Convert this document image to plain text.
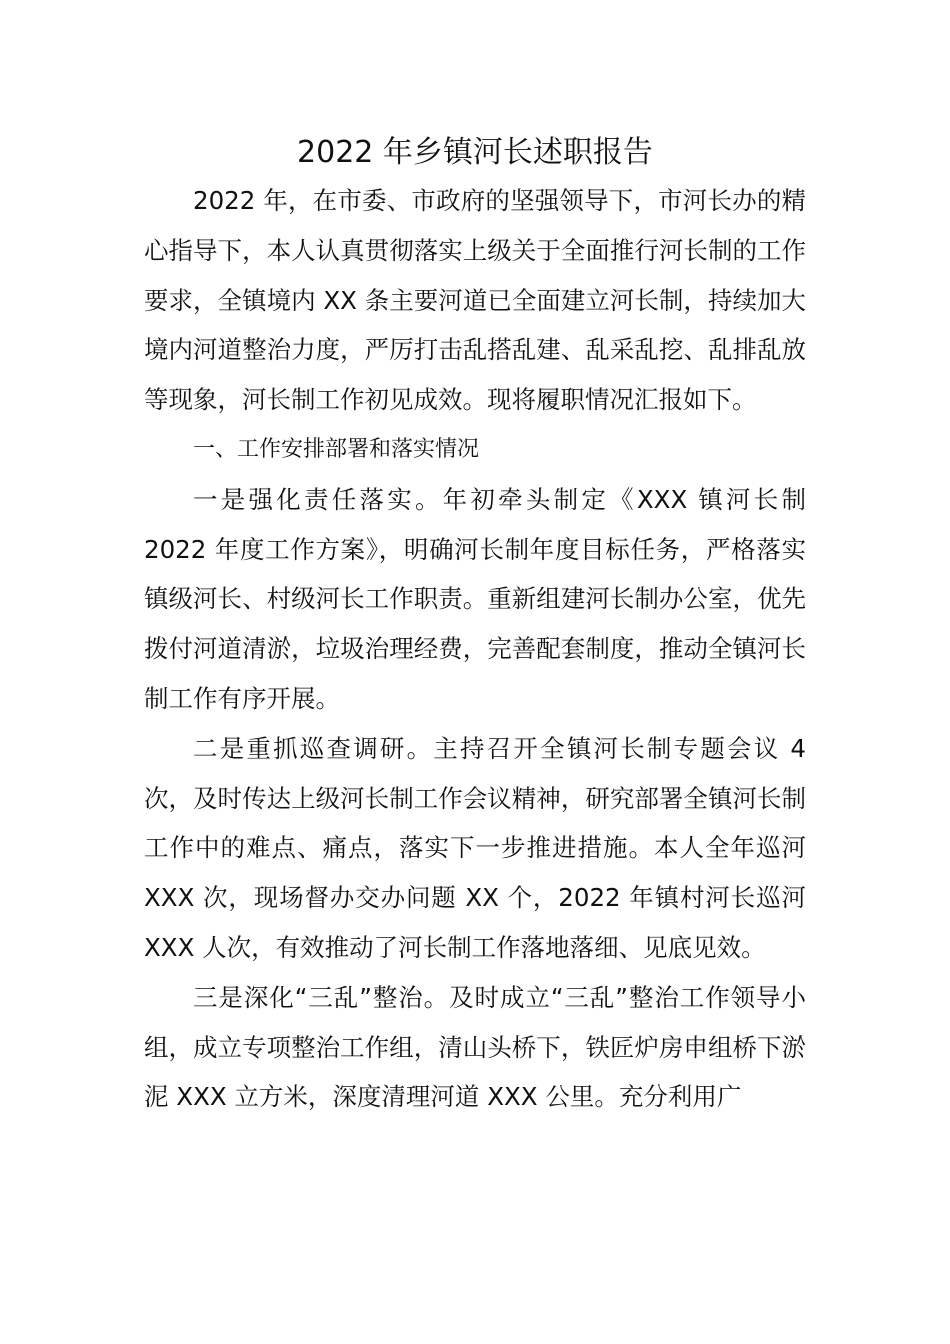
2022 年乡镇河长述职报告

2022 年，在市委、市政府的坚强领导下，市河长办的精心指导下，本人认真贯彻落实上级关于全面推行河长制的工作要求，全镇境内 XX 条主要河道已全面建立河长制，持续加大境内河道整治力度，严厉打击乱搭乱建、乱采乱挖、乱排乱放等现象，河长制工作初见成效。现将履职情况汇报如下。

一、工作安排部署和落实情况

一是强化责任落实。年初牵头制定《XXX 镇河长制 2022 年度工作方案》，明确河长制年度目标任务，严格落实镇级河长、村级河长工作职责。重新组建河长制办公室，优先拨付河道清淤，垃圾治理经费，完善配套制度，推动全镇河长制工作有序开展。

二是重抓巡查调研。主持召开全镇河长制专题会议 4 次，及时传达上级河长制工作会议精神，研究部署全镇河长制工作中的难点、痛点，落实下一步推进措施。本人全年巡河 XXX 次，现场督办交办问题 XX 个，2022 年镇村河长巡河 XXX 人次，有效推动了河长制工作落地落细、见底见效。

三是深化“三乱”整治。及时成立“三乱”整治工作领导小组，成立专项整治工作组，清山头桥下，铁匠炉房申组桥下淤泥 XXX 立方米，深度清理河道 XXX 公里。充分利用广
